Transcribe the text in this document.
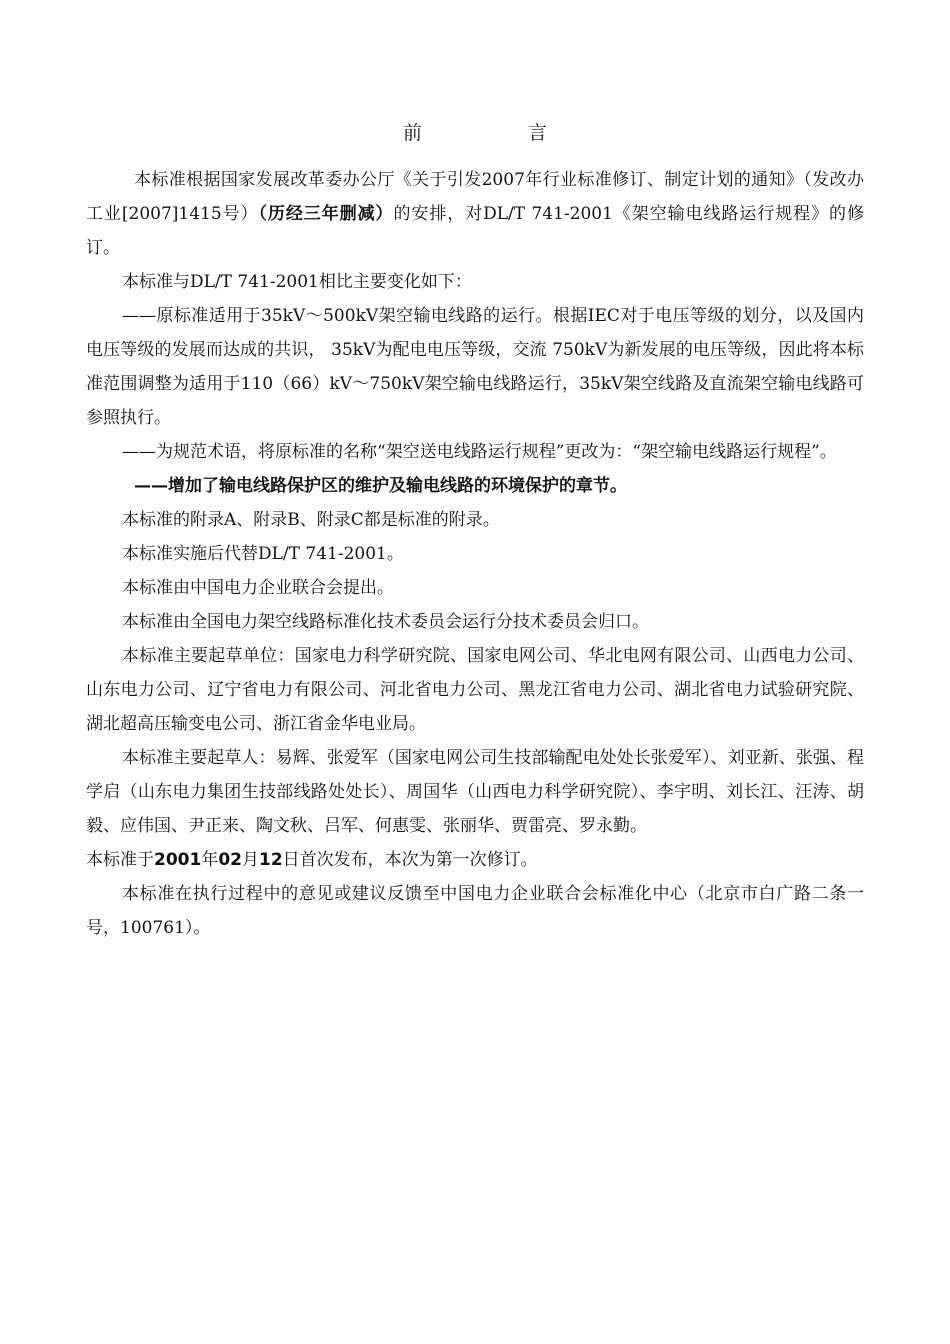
前 言

本标准根据国家发展改革委办公厅《关于引发2007年行业标准修订、制定计划的通知》（发改办工业[2007]1415号）（历经三年删减）的安排，对DL/T 741-2001《架空输电线路运行规程》的修订。

本标准与DL/T 741-2001相比主要变化如下：

——原标准适用于35kV～500kV架空输电线路的运行。根据IEC对于电压等级的划分，以及国内电压等级的发展而达成的共识， 35kV为配电电压等级，交流 750kV为新发展的电压等级，因此将本标准范围调整为适用于110（66）kV～750kV架空输电线路运行，35kV架空线路及直流架空输电线路可参照执行。

——为规范术语，将原标准的名称“架空送电线路运行规程”更改为：“架空输电线路运行规程”。

——增加了输电线路保护区的维护及输电线路的环境保护的章节。

本标准的附录A、附录B、附录C都是标准的附录。

本标准实施后代替DL/T 741-2001。

本标准由中国电力企业联合会提出。

本标准由全国电力架空线路标准化技术委员会运行分技术委员会归口。

本标准主要起草单位：国家电力科学研究院、国家电网公司、华北电网有限公司、山西电力公司、山东电力公司、辽宁省电力有限公司、河北省电力公司、黑龙江省电力公司、湖北省电力试验研究院、湖北超高压输变电公司、浙江省金华电业局。

本标准主要起草人：易辉、张爱军（国家电网公司生技部输配电处处长张爱军）、刘亚新、张强、程学启（山东电力集团生技部线路处处长）、周国华（山西电力科学研究院）、李宇明、刘长江、汪涛、胡毅、应伟国、尹正来、陶文秋、吕军、何惠雯、张丽华、贾雷亮、罗永勤。

本标准于2001年02月12日首次发布，本次为第一次修订。

本标准在执行过程中的意见或建议反馈至中国电力企业联合会标准化中心（北京市白广路二条一号，100761）。
